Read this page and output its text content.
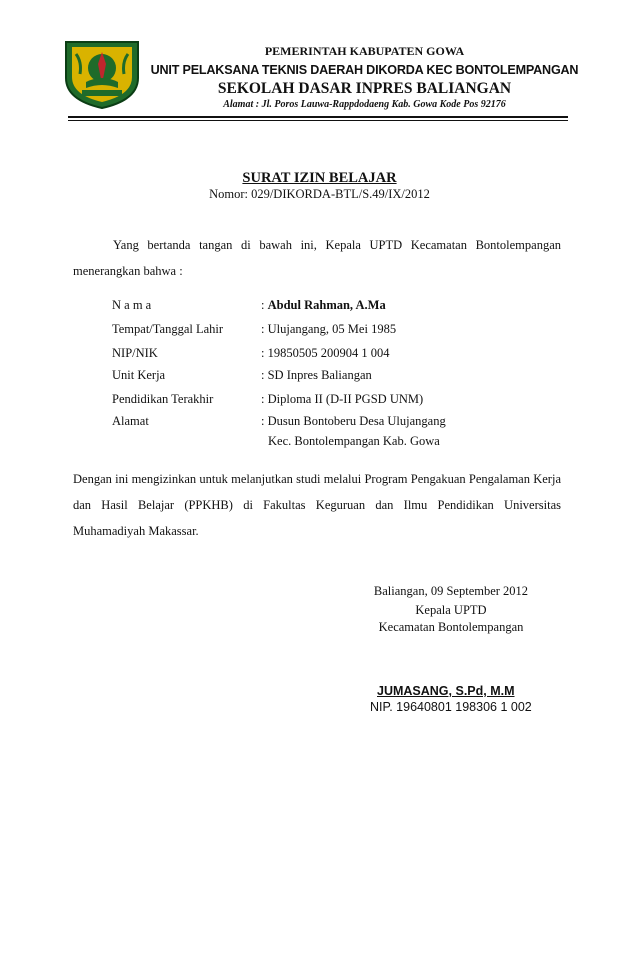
PEMERINTAH KABUPATEN GOWA
UNIT PELAKSANA TEKNIS DAERAH DIKORDA KEC BONTOLEMPANGAN
SEKOLAH DASAR INPRES BALIANGAN
Alamat : Jl. Poros Lauwa-Rappdodaeng Kab. Gowa Kode Pos 92176
SURAT IZIN BELAJAR
Nomor: 029/DIKORDA-BTL/S.49/IX/2012
Yang bertanda tangan di bawah ini, Kepala UPTD Kecamatan Bontolempangan menerangkan bahwa :
N a m a	: Abdul Rahman, A.Ma
Tempat/Tanggal Lahir	: Ulujangang, 05 Mei 1985
NIP/NIK	: 19850505 200904 1 004
Unit Kerja	: SD Inpres Baliangan
Pendidikan Terakhir	: Diploma II (D-II PGSD UNM)
Alamat	: Dusun Bontoberu Desa Ulujangang
Kec. Bontolempangan Kab. Gowa
Dengan ini mengizinkan untuk melanjutkan studi melalui Program Pengakuan Pengalaman Kerja dan Hasil Belajar (PPKHB) di Fakultas Keguruan dan Ilmu Pendidikan Universitas Muhamadiyah Makassar.
Baliangan, 09 September 2012
Kepala UPTD
Kecamatan Bontolempangan
JUMASANG, S.Pd, M.M
NIP. 19640801 198306 1 002
